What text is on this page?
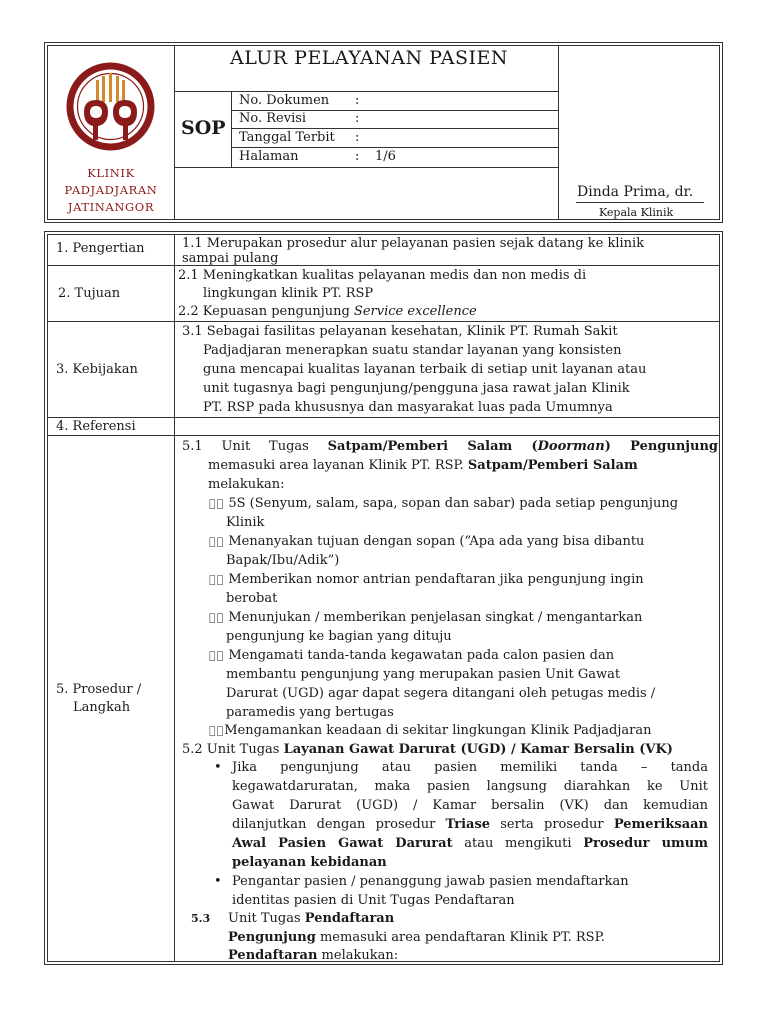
KLINIK
PADJADJARAN
JATINANGOR
ALUR PELAYANAN PASIEN
SOP
No. Dokumen :
No. Revisi	:
Tanggal Terbit :
Halaman	: 1/6
Dinda Prima, dr.
Kepala Klinik
1. Pengertian
2. Tujuan
3. Kebijakan
4. Referensi
5. Prosedur /
Langkah
1.1 Merupakan prosedur alur pelayanan pasien sejak datang ke klinik
sampai pulang
2.1 Meningkatkan kualitas pelayanan medis dan non medis di
lingkungan klinik PT. RSP
2.2 Kepuasan pengunjung Service excellence
3.1 Sebagai fasilitas pelayanan kesehatan, Klinik PT. Rumah Sakit
Padjadjaran menerapkan suatu standar layanan yang konsisten
guna mencapai kualitas layanan terbaik di setiap unit layanan atau
unit tugasnya bagi pengunjung/pengguna jasa rawat jalan Klinik
PT. RSP pada khususnya dan masyarakat luas pada Umumnya
5.1 Unit Tugas Satpam/Pemberi Salam (Doorman) Pengunjung
memasuki area layanan Klinik PT. RSP. Satpam/Pemberi Salam
melakukan:
5S (Senyum, salam, sapa, sopan dan sabar) pada setiap pengunjung
Klinik
Menanyakan tujuan dengan sopan (“Apa ada yang bisa dibantu
Bapak/Ibu/Adik”)
Memberikan nomor antrian pendaftaran jika pengunjung ingin
berobat
Menunjukan / memberikan penjelasan singkat / mengantarkan
pengunjung ke bagian yang dituju
Mengamati tanda-tanda kegawatan pada calon pasien dan
membantu pengunjung yang merupakan pasien Unit Gawat
Darurat (UGD) agar dapat segera ditangani oleh petugas medis /
paramedis yang bertugas
Mengamankan keadaan di sekitar lingkungan Klinik Padjadjaran
5.2 Unit Tugas Layanan Gawat Darurat (UGD) / Kamar Bersalin (VK)
• Jika pengunjung atau pasien memiliki tanda – tanda
kegawatdaruratan, maka pasien langsung diarahkan ke Unit
Gawat Darurat (UGD) / Kamar bersalin (VK) dan kemudian
dilanjutkan dengan prosedur Triase serta prosedur Pemeriksaan
Awal Pasien Gawat Darurat atau mengikuti Prosedur umum
pelayanan kebidanan
• Pengantar pasien / penanggung jawab pasien mendaftarkan
identitas pasien di Unit Tugas Pendaftaran
5.3 Unit Tugas Pendaftaran
Pengunjung memasuki area pendaftaran Klinik PT. RSP.
Pendaftaran melakukan:
